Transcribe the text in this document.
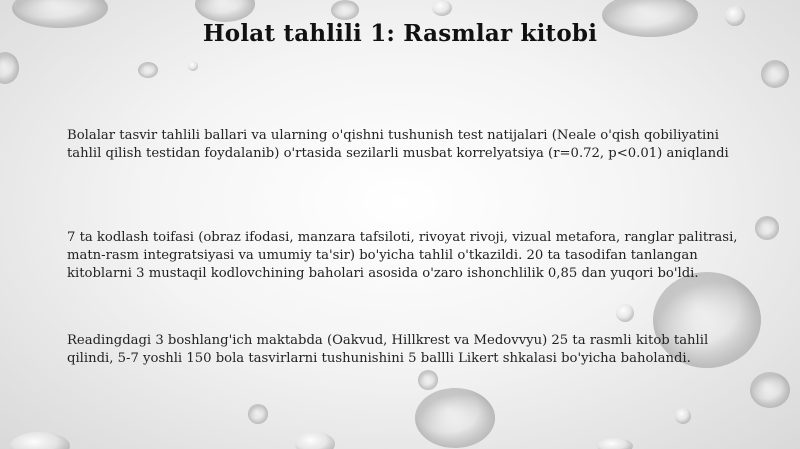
Holat tahlili 1: Rasmlar kitobi

Bolalar tasvir tahlili ballari va ularning o'qishni tushunish test natijalari (Neale o'qish qobiliyatini tahlil qilish testidan foydalanib) o'rtasida sezilarli musbat korrelyatsiya (r=0.72, p<0.01) aniqlandi

7 ta kodlash toifasi (obraz ifodasi, manzara tafsiloti, rivoyat rivoji, vizual metafora, ranglar palitrasi, matn-rasm integratsiyasi va umumiy ta'sir) bo'yicha tahlil o'tkazildi. 20 ta tasodifan tanlangan kitoblarni 3 mustaqil kodlovchining baholari asosida o'zaro ishonchlilik 0,85 dan yuqori bo'ldi.

Readingdagi 3 boshlang'ich maktabda (Oakvud, Hillkrest va Medovvyu) 25 ta rasmli kitob tahlil qilindi, 5-7 yoshli 150 bola tasvirlarni tushunishini 5 ballli Likert shkalasi bo'yicha baholandi.
